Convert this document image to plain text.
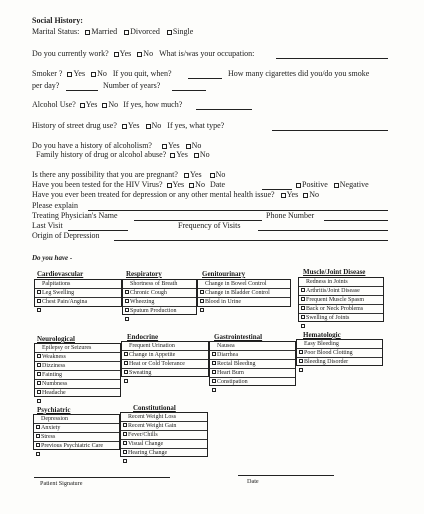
Social History:
Marital Status: Married Divorced Single
Do you currently work? Yes No What is/was your occupation:
Smoker ? Yes No If you quit, when?	How many cigarettes did you/do you smoke
per day?	Number of years?
Alcohol Use? Yes No If yes, how much?
History of street drug use? Yes No If yes, what type?
Do you have a history of alcoholism? Yes No
Family history of drug or alcohol abuse? Yes No
Is there any possibility that you are pregnant? Yes No
Have you been tested for the HIV Virus? Yes No Date	Positive Negative
Have you ever been treated for depression or any other mental health issue? Yes No
Please explain
Treating Physician's Name	Phone Number
Last Visit	Frequency of Visits
Origin of Depression
Do you have -
Cardiovascular	Respiratory	Genitourinary	Muscle/Joint Disease
$^{Palpitations}$
$^{Leg Swelling}$
$^{Chest Pain/Angina}$
$^{Shortness of Breath}$
$^{Chronic Cough}$
$^{Wheezing}$
$^{Sputum Production}$
$^{Change in Bowel Control}$
$^{Change in Bladder Control}$
$^{Blood in Urine}$
$^{Redness in Joints}$
$^{Arthritis/Joint Disease}$
$^{Frequent Muscle Spasm}$
$^{Back or Neck Problems}$
$^{Swelling of Joints}$
Neurological	Endocrine	Gastrointestinal	Hematologic
$^{Epilepsy or Seizures}$
$^{Weakness}$
$^{Dizziness}$
$^{Fainting}$
$^{Numbness}$
$^{Headache}$
$^{Frequent Urination}$
$^{Change in Appetite}$
$^{Heat or Cold Tolerance}$
$^{Sweating}$
$^{Nausea}$
$^{Diarrhea}$
$^{Rectal Bleeding}$
$^{Heart Burn}$
$^{Constipation}$
$^{Easy Bleeding}$
$^{Poor Blood Clotting}$
$^{Bleeding Disorder}$
Psychiatric	Constitutional
$^{Depression}$
$^{Anxiety}$
$^{Stress}$
$^{Previous Psychiatric Care}$
$^{Recent Weight Loss}$
$^{Recent Weight Gain}$
$^{Fever/Chills}$
$^{Visual Change}$
$^{Hearing Change}$
Patient Signature	Date
